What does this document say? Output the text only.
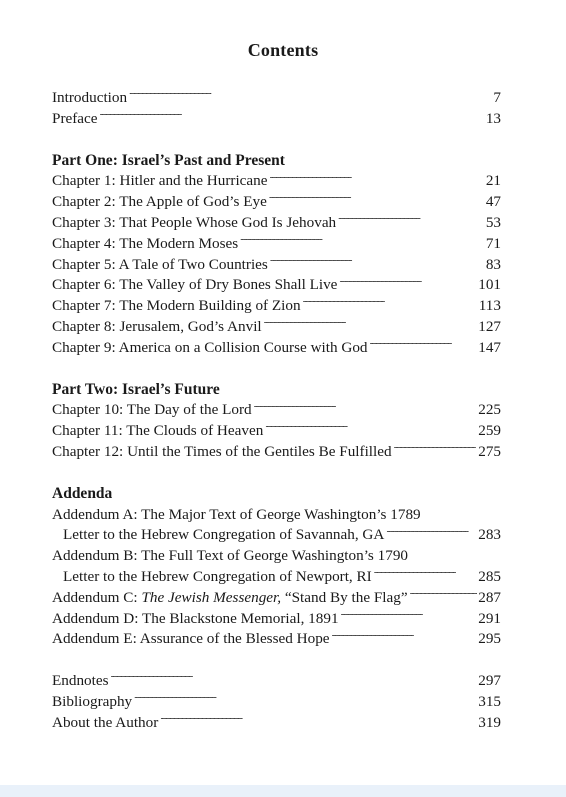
Contents
Introduction . . .	7
Preface . . .	13
Part One: Israel’s Past and Present
Chapter 1: Hitler and the Hurricane . . .	21
Chapter 2: The Apple of God’s Eye . . .	47
Chapter 3: That People Whose God Is Jehovah . . .	53
Chapter 4: The Modern Moses . . .	71
Chapter 5: A Tale of Two Countries . . .	83
Chapter 6: The Valley of Dry Bones Shall Live . . .	101
Chapter 7: The Modern Building of Zion . . .	113
Chapter 8: Jerusalem, God’s Anvil . . .	127
Chapter 9: America on a Collision Course with God . . .	147
Part Two: Israel’s Future
Chapter 10: The Day of the Lord . . .	225
Chapter 11: The Clouds of Heaven . . .	259
Chapter 12: Until the Times of the Gentiles Be Fulfilled . . .	275
Addenda
Addendum A: The Major Text of George Washington’s 1789
Letter to the Hebrew Congregation of Savannah, GA . . .	283
Addendum B: The Full Text of George Washington’s 1790
Letter to the Hebrew Congregation of Newport, RI . . .	285
Addendum C: The Jewish Messenger, “Stand By the Flag” . . .	287
Addendum D: The Blackstone Memorial, 1891 . . .	291
Addendum E: Assurance of the Blessed Hope . . .	295
Endnotes . . .	297
Bibliography . . .	315
About the Author . . .	319
